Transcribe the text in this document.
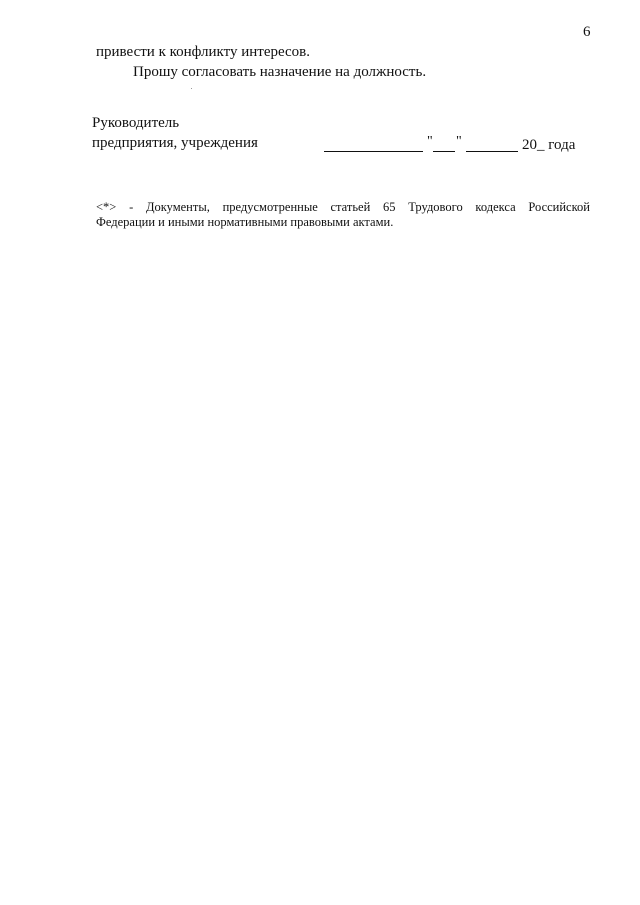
6
привести к конфликту интересов.
Прошу согласовать назначение на должность.
Руководитель
предприятия, учреждения	" "	20_ года
<*> - Документы, предусмотренные статьей 65 Трудового кодекса Российской
Федерации и иными нормативными правовыми актами.
